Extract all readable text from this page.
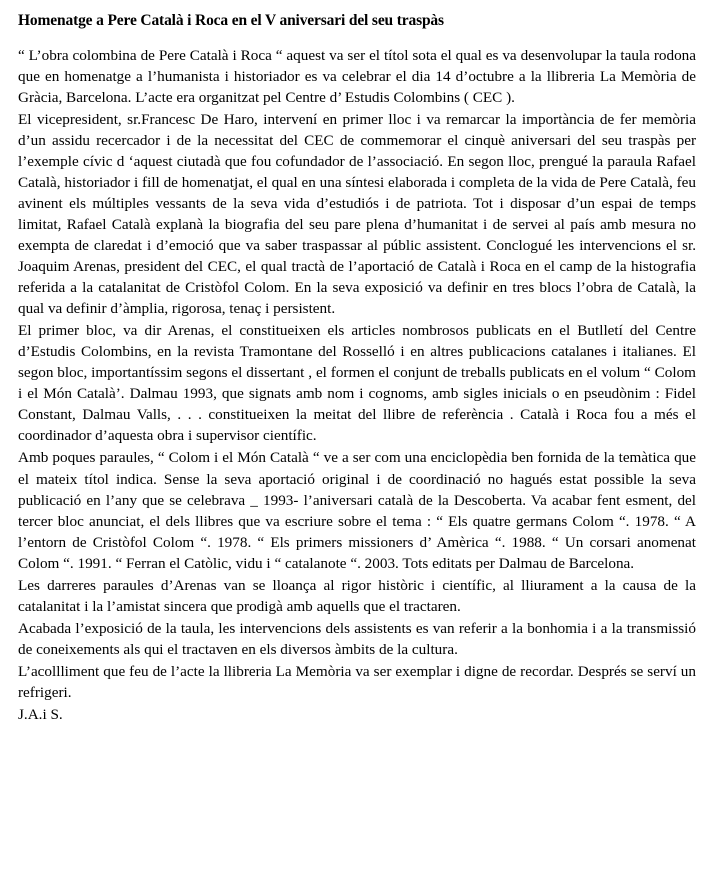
Homenatge a Pere Català i Roca en el V aniversari del seu traspàs

“ L’obra colombina de Pere Català i Roca “ aquest va ser el títol sota el qual es va desenvolupar la taula rodona que en homenatge a l’humanista i historiador es va celebrar el dia 14 d’octubre a la llibreria La Memòria de Gràcia, Barcelona. L’acte era organitzat pel Centre d’ Estudis Colombins ( CEC ).

El vicepresident, sr.Francesc De Haro, intervení en primer lloc i va remarcar la importància de fer memòria d’un assidu recercador i de la necessitat del CEC de commemorar el cinquè aniversari del seu traspàs per l’exemple cívic d ‘aquest ciutadà que fou cofundador de l’associació. En segon lloc, prengué la paraula Rafael Català, historiador i fill de homenatjat, el qual en una síntesi elaborada i completa de la vida de Pere Català, feu avinent els múltiples vessants de la seva vida d’estudiós i de patriota. Tot i disposar d’un espai de temps limitat, Rafael Català explanà la biografia del seu pare plena d’humanitat i de servei al país amb mesura no exempta de claredat i d’emoció que va saber traspassar al públic assistent. Conclogué les intervencions el sr. Joaquim Arenas, president del CEC, el qual tractà de l’aportació de Català i Roca en el camp de la histografia referida a la catalanitat de Cristòfol Colom. En la seva exposició va definir en tres blocs l’obra de Català, la qual va definir d’àmplia, rigorosa, tenaç i persistent.

El primer bloc, va dir Arenas, el constitueixen els articles nombrosos publicats en el Butlletí del Centre d’Estudis Colombins, en la revista Tramontane del Rosselló i en altres publicacions catalanes i italianes. El segon bloc, importantíssim segons el dissertant , el formen el conjunt de treballs publicats en el volum “ Colom i el Món Català’. Dalmau 1993, que signats amb nom i cognoms, amb sigles inicials o en pseudònim : Fidel Constant, Dalmau Valls, . . . constitueixen la meitat del llibre de referència . Català i Roca fou a més el coordinador d’aquesta obra i supervisor científic.

Amb poques paraules, “ Colom i el Món Català “ ve a ser com una enciclopèdia ben fornida de la temàtica que el mateix títol indica. Sense la seva aportació original i de coordinació no hagués estat possible la seva publicació en l’any que se celebrava _ 1993- l’aniversari català de la Descoberta. Va acabar fent esment, del tercer bloc anunciat, el dels llibres que va escriure sobre el tema : “ Els quatre germans Colom “. 1978. “ A l’entorn de Cristòfol Colom “. 1978. “ Els primers missioners d’ Amèrica “. 1988. “ Un corsari anomenat Colom “. 1991. “ Ferran el Catòlic, vidu i “ catalanote “. 2003. Tots editats per Dalmau de Barcelona.

Les darreres paraules d’Arenas van se lloança al rigor històric i científic, al lliurament a la causa de la catalanitat i la l’amistat sincera que prodigà amb aquells que el tractaren.

Acabada l’exposició de la taula, les intervencions dels assistents es van referir a la bonhomia i a la transmissió de coneixements als qui el tractaven en els diversos àmbits de la cultura.

L’acollliment que feu de l’acte la llibreria La Memòria va ser exemplar i digne de recordar. Després se serví un refrigeri.

J.A.i S.
